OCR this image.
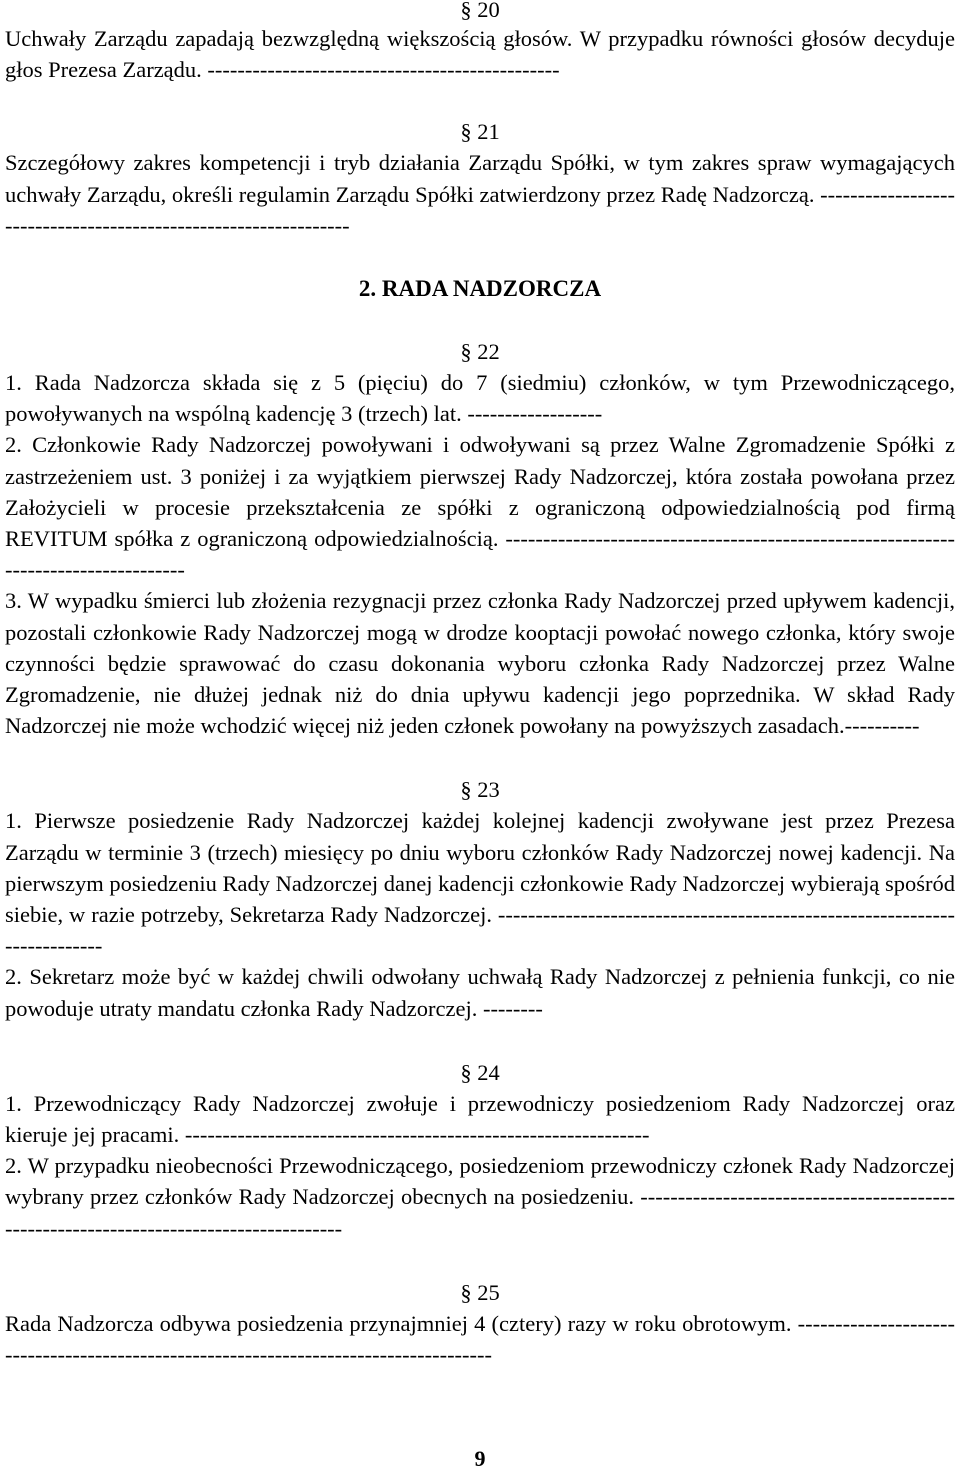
§ 20

Uchwały Zarządu zapadają bezwzględną większością głosów. W przypadku równości głosów decyduje głos Prezesa Zarządu. -----------------------------------------------

§ 21

Szczegółowy zakres kompetencji i tryb działania Zarządu Spółki, w tym zakres spraw wymagających uchwały Zarządu, określi regulamin Zarządu Spółki zatwierdzony przez Radę Nadzorczą. ----------------------------------------------------------------

2. RADA NADZORCZA
§ 22

1. Rada Nadzorcza składa się z 5 (pięciu) do 7 (siedmiu) członków, w tym Przewodniczącego, powoływanych na wspólną kadencję 3 (trzech) lat. ------------------

2. Członkowie Rady Nadzorczej powoływani i odwoływani są przez Walne Zgromadzenie Spółki z zastrzeżeniem ust. 3 poniżej i za wyjątkiem pierwszej Rady Nadzorczej, która została powołana przez Założycieli w procesie przekształcenia ze spółki z ograniczoną odpowiedzialnością pod firmą REVITUM spółka z ograniczoną odpowiedzialnością. ------------------------------------------------------------------------------------

3. W wypadku śmierci lub złożenia rezygnacji przez członka Rady Nadzorczej przed upływem kadencji, pozostali członkowie Rady Nadzorczej mogą w drodze kooptacji powołać nowego członka, który swoje czynności będzie sprawować do czasu dokonania wyboru członka Rady Nadzorczej przez Walne Zgromadzenie, nie dłużej jednak niż do dnia upływu kadencji jego poprzednika. W skład Rady Nadzorczej nie może wchodzić więcej niż jeden członek powołany na powyższych zasadach.----------

§ 23

1. Pierwsze posiedzenie Rady Nadzorczej każdej kolejnej kadencji zwoływane jest przez Prezesa Zarządu w terminie 3 (trzech) miesięcy po dniu wyboru członków Rady Nadzorczej nowej kadencji. Na pierwszym posiedzeniu Rady Nadzorczej danej kadencji członkowie Rady Nadzorczej wybierają spośród siebie, w razie potrzeby, Sekretarza Rady Nadzorczej. --------------------------------------------------------------------------

2. Sekretarz może być w każdej chwili odwołany uchwałą Rady Nadzorczej z pełnienia funkcji, co nie powoduje utraty mandatu członka Rady Nadzorczej. --------

§ 24

1. Przewodniczący Rady Nadzorczej zwołuje i przewodniczy posiedzeniom Rady Nadzorczej oraz kieruje jej pracami. --------------------------------------------------------------

2. W przypadku nieobecności Przewodniczącego, posiedzeniom przewodniczy członek Rady Nadzorczej wybrany przez członków Rady Nadzorczej obecnych na posiedzeniu. ---------------------------------------------------------------------------------------

§ 25

Rada Nadzorcza odbywa posiedzenia przynajmniej 4 (cztery) razy w roku obrotowym. --------------------------------------------------------------------------------------

9
